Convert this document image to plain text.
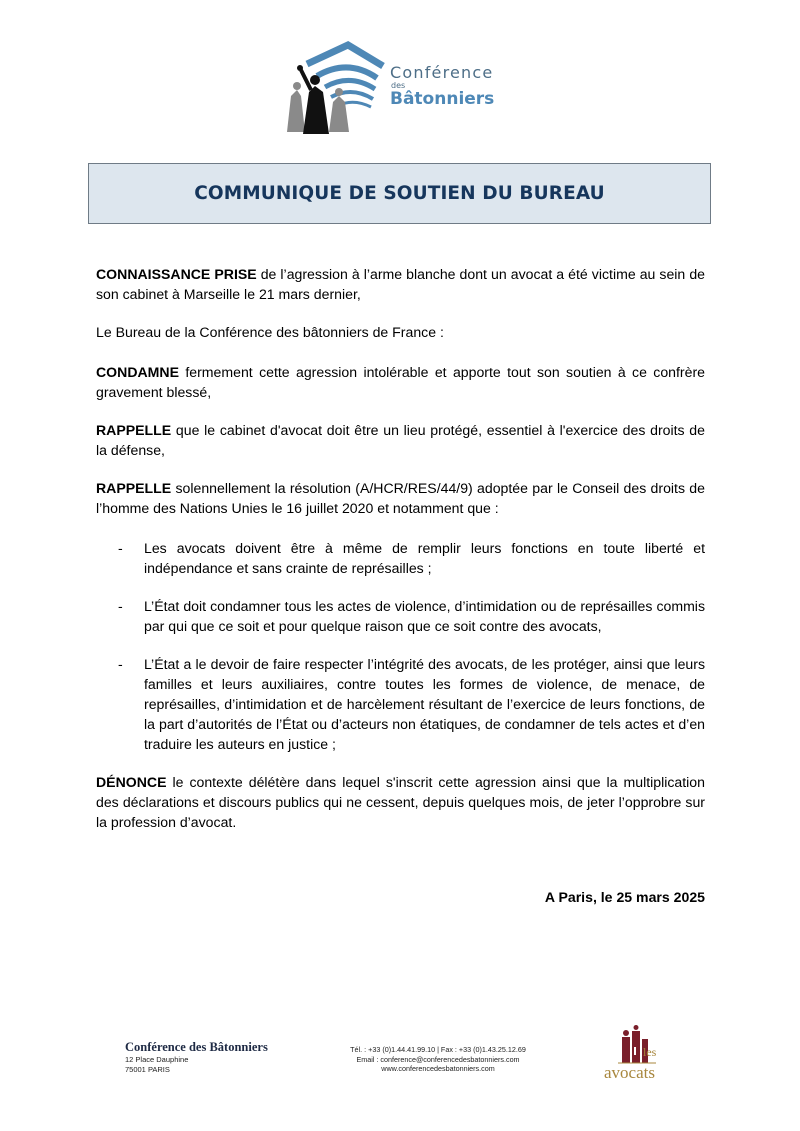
Conférence
des
Bâtonniers
COMMUNIQUE DE SOUTIEN DU BUREAU

CONNAISSANCE PRISE de l’agression à l’arme blanche dont un avocat a été victime au sein de son cabinet à Marseille le 21 mars dernier,

Le Bureau de la Conférence des bâtonniers de France :

CONDAMNE fermement cette agression intolérable et apporte tout son soutien à ce confrère gravement blessé,

RAPPELLE que le cabinet d'avocat doit être un lieu protégé, essentiel à l'exercice des droits de la défense,

RAPPELLE solennellement la résolution (A/HCR/RES/44/9) adoptée par le Conseil des droits de l’homme des Nations Unies le 16 juillet 2020 et notamment que :

- Les avocats doivent être à même de remplir leurs fonctions en toute liberté et indépendance et sans crainte de représailles ;

- L’État doit condamner tous les actes de violence, d’intimidation ou de représailles commis par qui que ce soit et pour quelque raison que ce soit contre des avocats,

- L’État a le devoir de faire respecter l’intégrité des avocats, de les protéger, ainsi que leurs familles et leurs auxiliaires, contre toutes les formes de violence, de menace, de représailles, d’intimidation et de harcèlement résultant de l’exercice de leurs fonctions, de la part d’autorités de l’État ou d’acteurs non étatiques, de condamner de tels actes et d’en traduire les auteurs en justice ;

DÉNONCE le contexte délétère dans lequel s'inscrit cette agression ainsi que la multiplication des déclarations et discours publics qui ne cessent, depuis quelques mois, de jeter l’opprobre sur la profession d’avocat.

A Paris, le 25 mars 2025
Conférence des Bâtonniers
12 Place Dauphine
75001 PARIS
Tél. : +33 (0)1.44.41.99.10 | Fax : +33 (0)1.43.25.12.69
Email : conference@conferencedesbatonniers.com
www.conferencedesbatonniers.com
les
avocats
